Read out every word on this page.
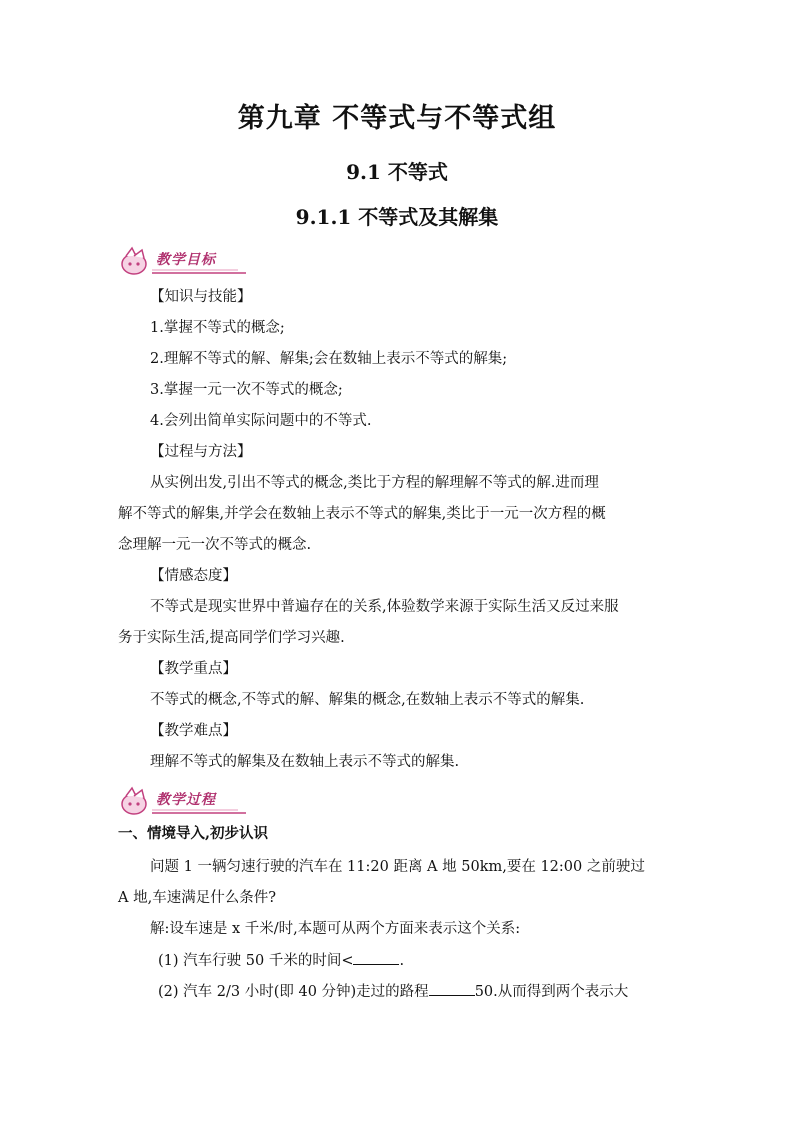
第九章 不等式与不等式组
9.1 不等式
9.1.1 不等式及其解集
教学目标
【知识与技能】
1.掌握不等式的概念;
2.理解不等式的解、解集;会在数轴上表示不等式的解集;
3.掌握一元一次不等式的概念;
4.会列出简单实际问题中的不等式.
【过程与方法】
从实例出发,引出不等式的概念,类比于方程的解理解不等式的解.进而理
解不等式的解集,并学会在数轴上表示不等式的解集,类比于一元一次方程的概
念理解一元一次不等式的概念.
【情感态度】
不等式是现实世界中普遍存在的关系,体验数学来源于实际生活又反过来服
务于实际生活,提高同学们学习兴趣.
【教学重点】
不等式的概念,不等式的解、解集的概念,在数轴上表示不等式的解集.
【教学难点】
理解不等式的解集及在数轴上表示不等式的解集.
教学过程
一、情境导入,初步认识
问题 1 一辆匀速行驶的汽车在 11:20 距离 A 地 50km,要在 12:00 之前驶过
A 地,车速满足什么条件?
解:设车速是 x 千米/时,本题可从两个方面来表示这个关系:
(1) 汽车行驶 50 千米的时间<	.
(2) 汽车 2/3 小时(即 40 分钟)走过的路程	50.从而得到两个表示大
